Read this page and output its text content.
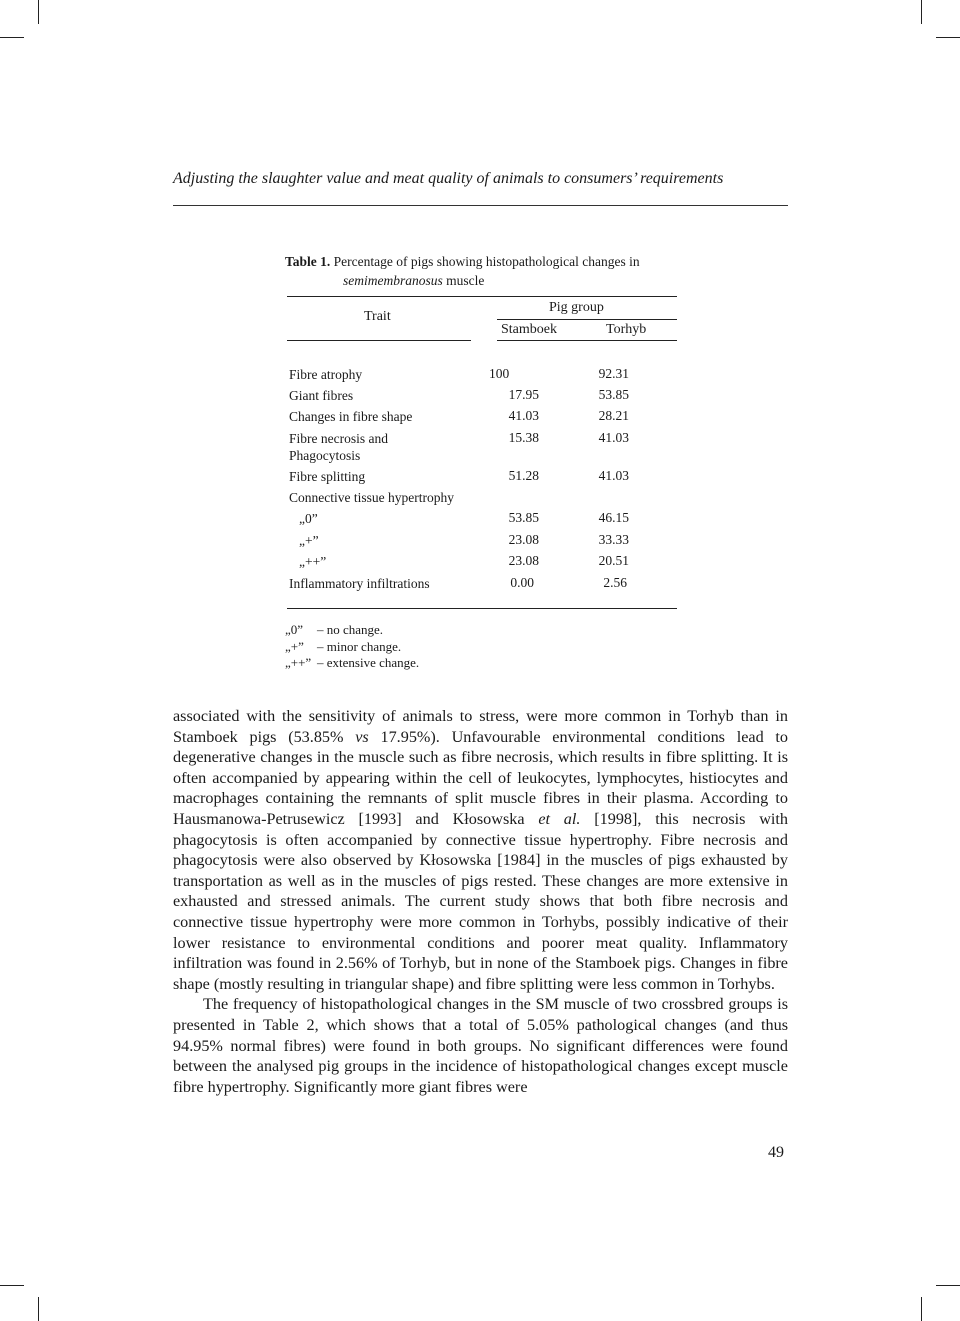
Adjusting the slaughter value and meat quality of animals to consumers’ requirements
Table 1. Percentage of pigs showing histopathological changes in
semimembranosus muscle
Trait
Pig group
Stamboek	Torhyb
Fibre atrophy	100	92.31
Giant fibres	17.95	53.85
Changes in fibre shape	41.03	28.21
Fibre necrosis and
Phagocytosis
15.38	41.03
Fibre splitting	51.28	41.03
Connective tissue hypertrophy
„0”	53.85	46.15
„+”	23.08	33.33
„++”	23.08	20.51
Inflammatory infiltrations	0.00	2.56
„0” – no change.
„+” – minor change.
„++” – extensive change.

associated with the sensitivity of animals to stress, were more common in Torhyb than in Stamboek pigs (53.85% vs 17.95%). Unfavourable environmental conditions lead to degenerative changes in the muscle such as fibre necrosis, which results in fibre splitting. It is often accompanied by appearing within the cell of leukocytes, lymphocytes, histiocytes and macrophages containing the remnants of split muscle fibres in their plasma. According to Hausmanowa-Petrusewicz [1993] and Kłosowska et al. [1998], this necrosis with phagocytosis is often accompanied by connective tissue hypertrophy. Fibre necrosis and phagocytosis were also observed by Kłosowska [1984] in the muscles of pigs exhausted by transportation as well as in the muscles of pigs rested. These changes are more extensive in exhausted and stressed animals. The current study shows that both fibre necrosis and connective tissue hypertrophy were more common in Torhybs, possibly indicative of their lower resistance to environmental conditions and poorer meat quality. Inflammatory infiltration was found in 2.56% of Torhyb, but in none of the Stamboek pigs. Changes in fibre shape (mostly resulting in triangular shape) and fibre splitting were less common in Torhybs.

The frequency of histopathological changes in the SM muscle of two crossbred groups is presented in Table 2, which shows that a total of 5.05% pathological changes (and thus 94.95% normal fibres) were found in both groups. No significant differences were found between the analysed pig groups in the incidence of histopathological changes except muscle fibre hypertrophy. Significantly more giant fibres were

49
